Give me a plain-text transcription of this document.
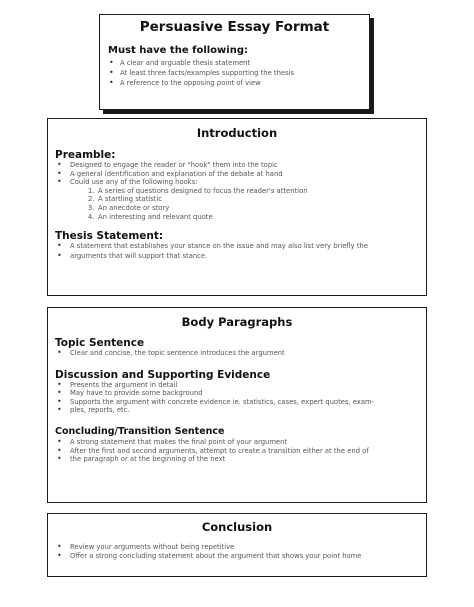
Persuasive Essay Format
Must have the following:

• A clear and arguable thesis statement

• At least three facts/examples supporting the thesis

• A reference to the opposing point of view

Introduction
Preamble:

• Designed to engage the reader or "hook" them into the topic

• A general identification and explanation of the debate at hand

• Could use any of the following hooks:

1. A series of questions designed to focus the reader's attention

2. A startling statistic

3. An anecdote or story

4. An interesting and relevant quote

Thesis Statement:

• A statement that establishes your stance on the issue and may also list very briefly the

• arguments that will support that stance.

Body Paragraphs
Topic Sentence

• Clear and concise, the topic sentence introduces the argument

Discussion and Supporting Evidence

• Presents the argument in detail

• May have to provide some background

• Supports the argument with concrete evidence ie. statistics, cases, expert quotes, exam-

• ples, reports, etc.

Concluding/Transition Sentence

• A strong statement that makes the final point of your argument

• After the first and second arguments, attempt to create a transition either at the end of

• the paragraph or at the beginning of the next

Conclusion

• Review your arguments without being repetitive

• Offer a strong concluding statement about the argument that shows your point home
